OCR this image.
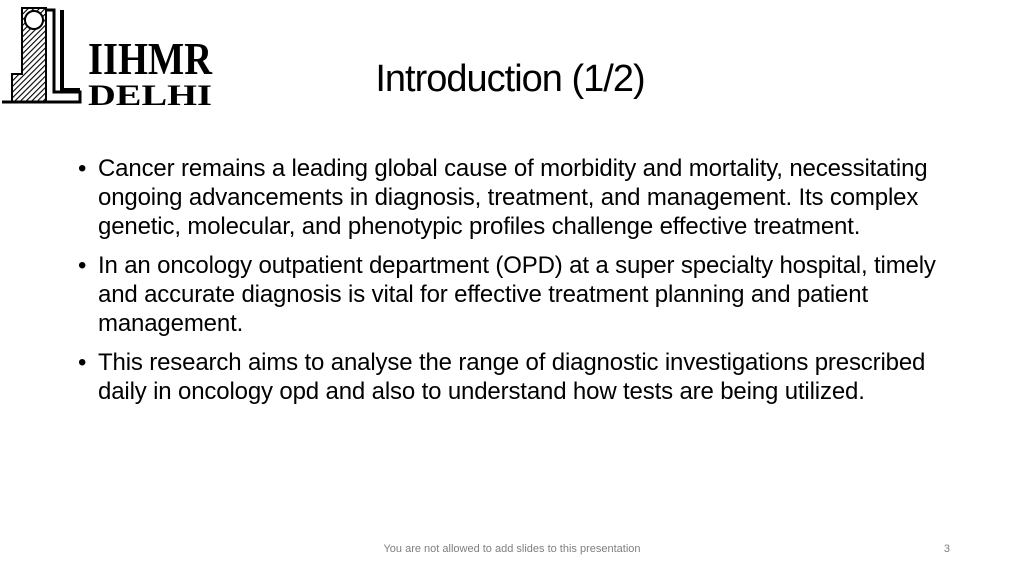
IIHMR
DELHI	Introduction (1/2)
• Cancer remains a leading global cause of morbidity and mortality, necessitating ongoing advancements in diagnosis, treatment, and management. Its complex genetic, molecular, and phenotypic profiles challenge effective treatment.
• In an oncology outpatient department (OPD) at a super specialty hospital, timely and accurate diagnosis is vital for effective treatment planning and patient management.
• This research aims to analyse the range of diagnostic investigations prescribed daily in oncology opd and also to understand how tests are being utilized.
You are not allowed to add slides to this presentation	3
